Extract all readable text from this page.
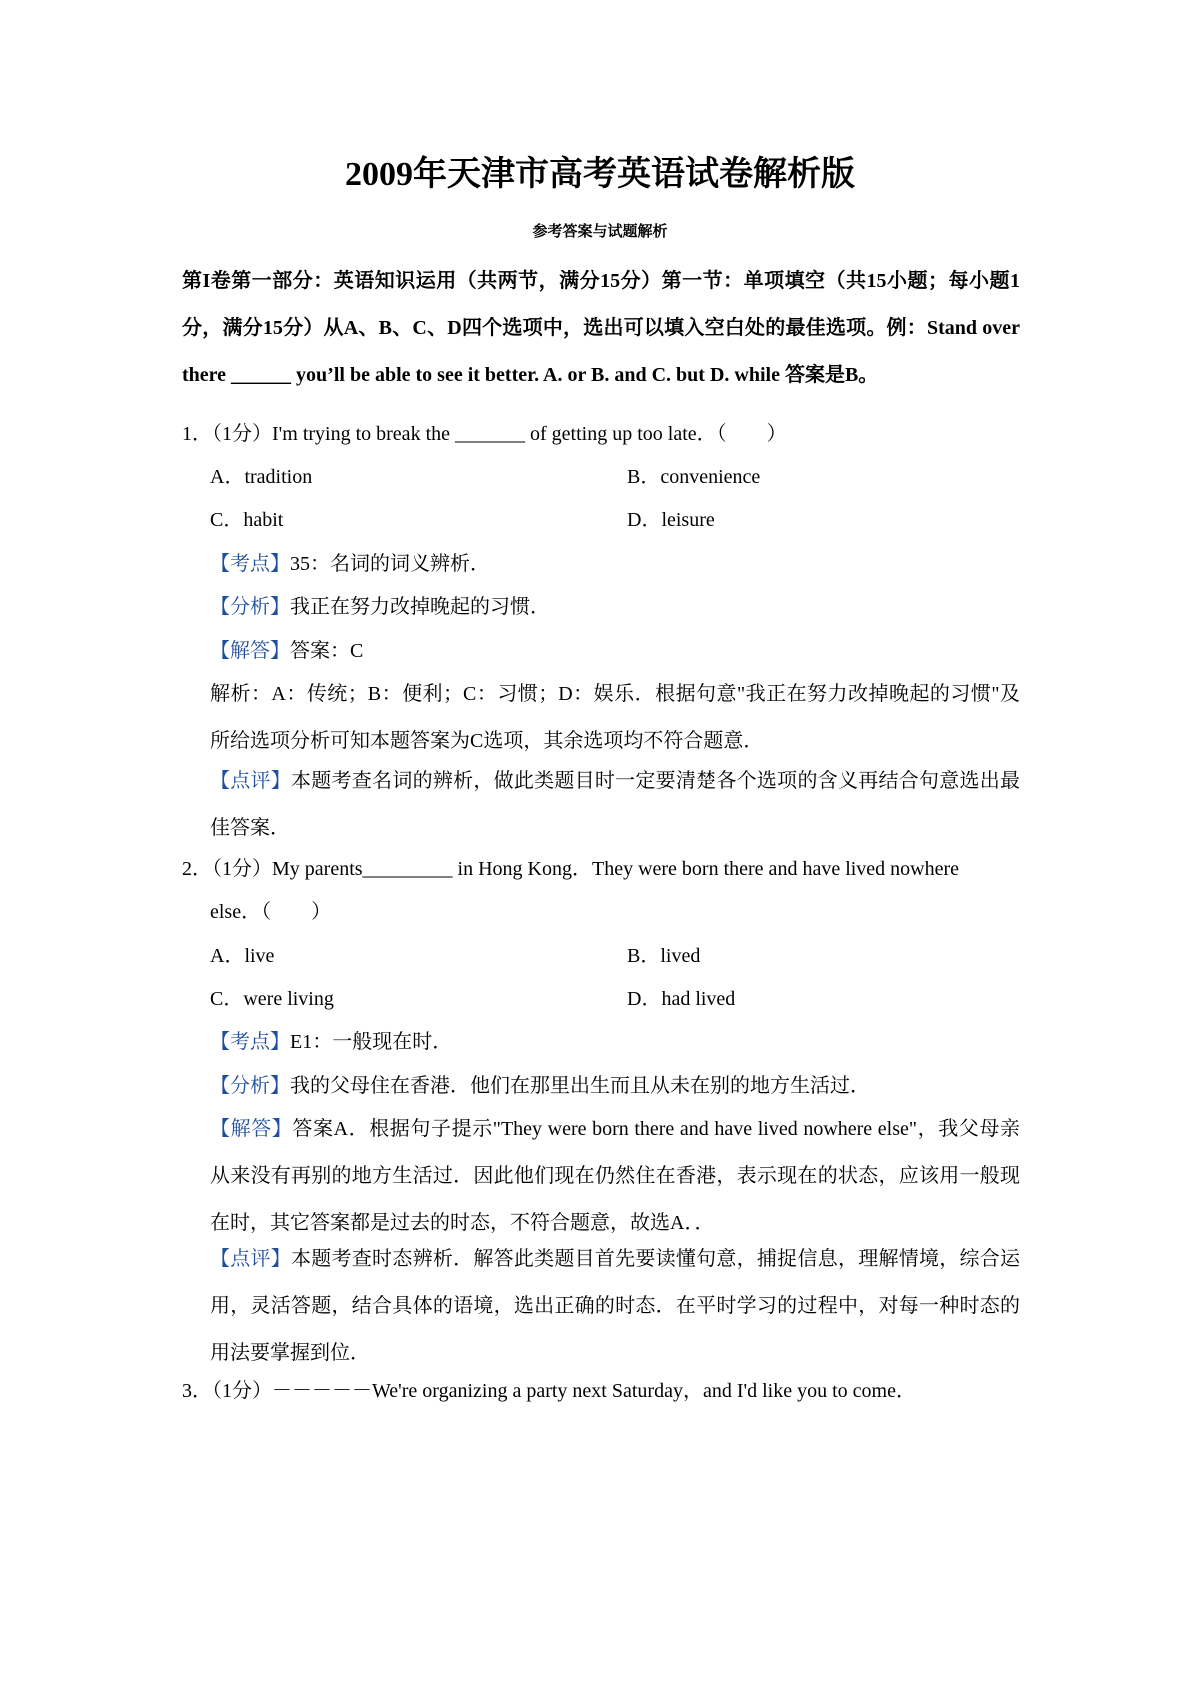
2009年天津市高考英语试卷解析版
参考答案与试题解析
第I卷第一部分：英语知识运用（共两节，满分15分）第一节：单项填空（共15小题；每小题1分，满分15分）从A、B、C、D四个选项中，选出可以填入空白处的最佳选项。例：Stand over there ______ you’ll be able to see it better. A. or B. and C. but D. while 答案是B。
1．（1分）I'm trying to break the _______ of getting up too late．（　　）
A．tradition	B．convenience
C．habit	D．leisure
【考点】35：名词的词义辨析．
【分析】我正在努力改掉晚起的习惯．
【解答】答案：C
解析：A：传统；B：便利；C：习惯；D：娱乐．根据句意"我正在努力改掉晚起的习惯"及所给选项分析可知本题答案为C选项，其余选项均不符合题意．
【点评】本题考查名词的辨析，做此类题目时一定要清楚各个选项的含义再结合句意选出最佳答案．
2．（1分）My parents_________ in Hong Kong．They were born there and have lived nowhere
else．（　　）
A．live	B．lived
C．were living	D．had lived
【考点】E1：一般现在时．
【分析】我的父母住在香港．他们在那里出生而且从未在别的地方生活过．
【解答】答案A．根据句子提示"They were born there and have lived nowhere else"，我父母亲从来没有再别的地方生活过．因此他们现在仍然住在香港，表示现在的状态，应该用一般现在时，其它答案都是过去的时态，不符合题意，故选A．．
【点评】本题考查时态辨析．解答此类题目首先要读懂句意，捕捉信息，理解情境，综合运用，灵活答题，结合具体的语境，选出正确的时态．在平时学习的过程中，对每一种时态的用法要掌握到位．
3．（1分）－－－－－We're organizing a party next Saturday，and I'd like you to come．
